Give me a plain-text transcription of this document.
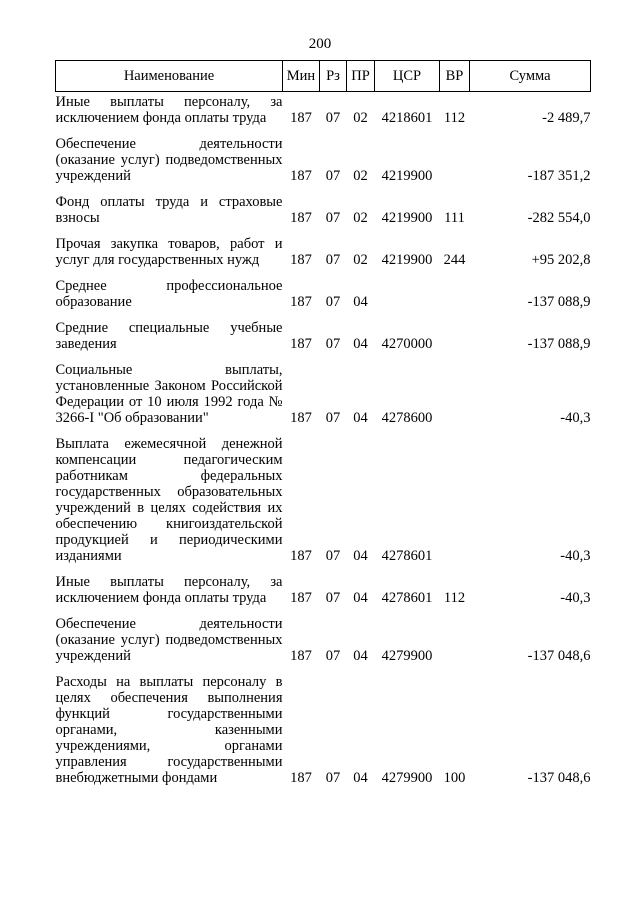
200
Наименование	Мин	Рз	ПР	ЦСР	ВР	Сумма
Иные выплаты персоналу, за исключением фонда оплаты труда	187	07	02	4218601	112	-2 489,7
Обеспечение деятельности (оказание услуг) подведомственных учреждений	187	07	02	4219900		-187 351,2
Фонд оплаты труда и страховые взносы	187	07	02	4219900	111	-282 554,0
Прочая закупка товаров, работ и услуг для государственных нужд	187	07	02	4219900	244	+95 202,8
Среднее профессиональное образование	187	07	04			-137 088,9
Средние специальные учебные заведения	187	07	04	4270000		-137 088,9
Социальные выплаты, установленные Законом Российской Федерации от 10 июля 1992 года № 3266-I "Об образовании"	187	07	04	4278600		-40,3
Выплата ежемесячной денежной компенсации педагогическим работникам федеральных государственных образовательных учреждений в целях содействия их обеспечению книгоиздательской продукцией и периодическими изданиями	187	07	04	4278601		-40,3
Иные выплаты персоналу, за исключением фонда оплаты труда	187	07	04	4278601	112	-40,3
Обеспечение деятельности (оказание услуг) подведомственных учреждений	187	07	04	4279900		-137 048,6
Расходы на выплаты персоналу в целях обеспечения выполнения функций государственными органами, казенными учреждениями, органами управления государственными внебюджетными фондами	187	07	04	4279900	100	-137 048,6
